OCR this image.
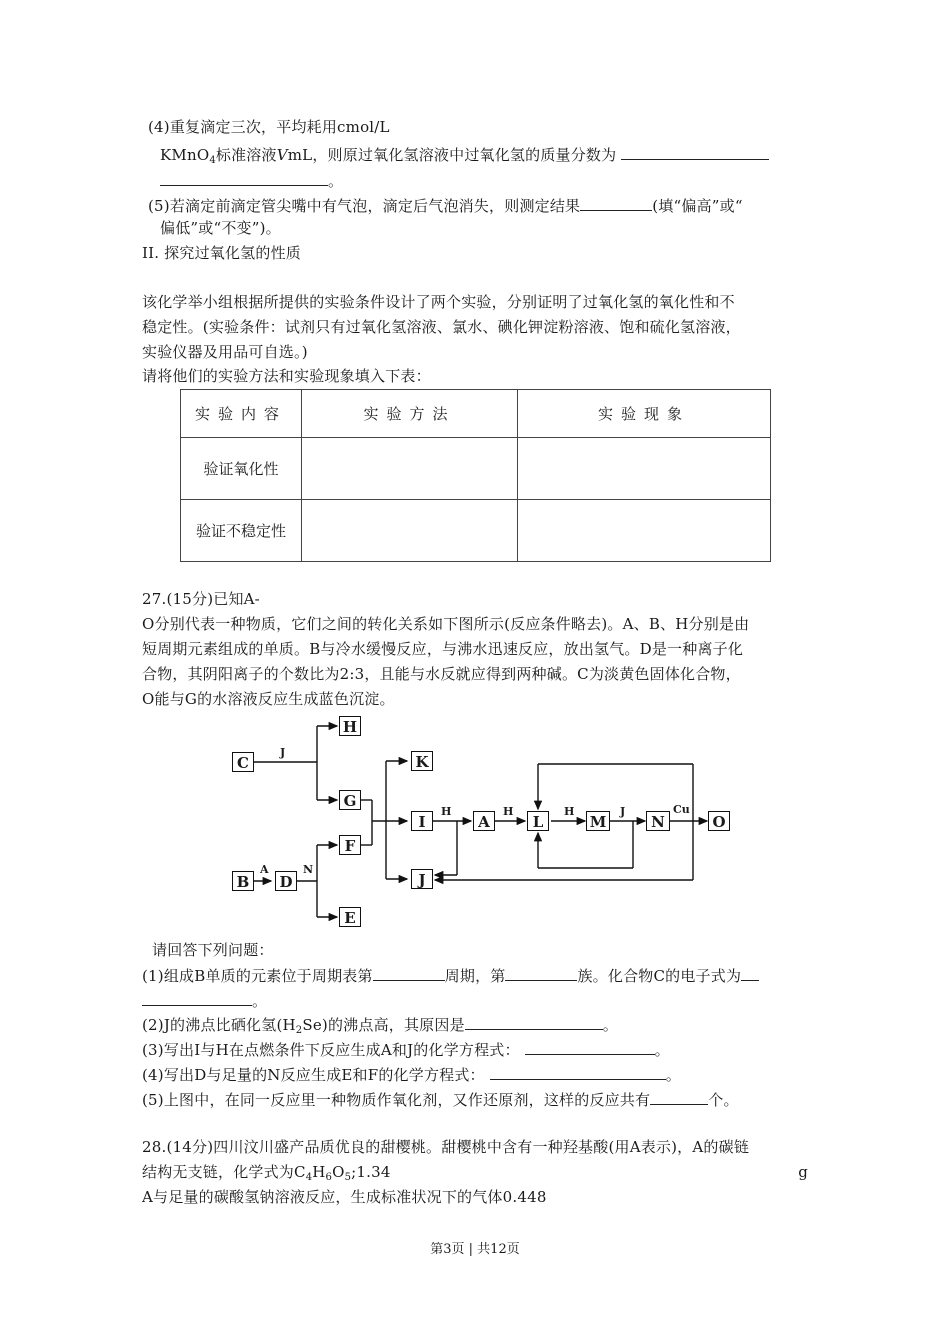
(4)重复滴定三次，平均耗用cmol/L
KMnO$_4$标准溶液VmL，则原过氧化氢溶液中过氧化氢的质量分数为
。
(5)若滴定前滴定管尖嘴中有气泡，滴定后气泡消失，则测定结果	(填“偏高”或“
偏低”或“不变”)。
II. 探究过氧化氢的性质
该化学举小组根据所提供的实验条件设计了两个实验，分别证明了过氧化氢的氧化性和不
稳定性。(实验条件：试剂只有过氧化氢溶液、氯水、碘化钾淀粉溶液、饱和硫化氢溶液，
实验仪器及用品可自选。)
请将他们的实验方法和实验现象填入下表：
实验内容	实验方法	实验现象
验证氧化性		
验证不稳定性		
27.(15分)已知A-
O分别代表一种物质，它们之间的转化关系如下图所示(反应条件略去)。A、B、H分别是由
短周期元素组成的单质。B与冷水缓慢反应，与沸水迅速反应，放出氢气。D是一种离子化
合物，其阴阳离子的个数比为2:3，且能与水反就应得到两种碱。C为淡黄色固体化合物，
O能与G的水溶液反应生成蓝色沉淀。
C
H
G
B	D
F
E
K
I
J
A	L	M	N	O
J
A	N
H	H	H	J	Cu
请回答下列问题：
(1)组成B单质的元素位于周期表第	周期，第	族。化合物C的电子式为
。
(2)J的沸点比硒化氢$(H_2Se)$的沸点高，其原因是	。
(3)写出I与H在点燃条件下反应生成A和J的化学方程式：	。
(4)写出D与足量的N反应生成E和F的化学方程式：	。
(5)上图中，在同一反应里一种物质作氧化剂，又作还原剂，这样的反应共有	个。
28.(14分)四川汶川盛产品质优良的甜樱桃。甜樱桃中含有一种羟基酸(用A表示)，A的碳链
结构无支链，化学式为$C_4H_6O_5;1.34$	g
A与足量的碳酸氢钠溶液反应，生成标准状况下的气体0.448
第3页 | 共12页
